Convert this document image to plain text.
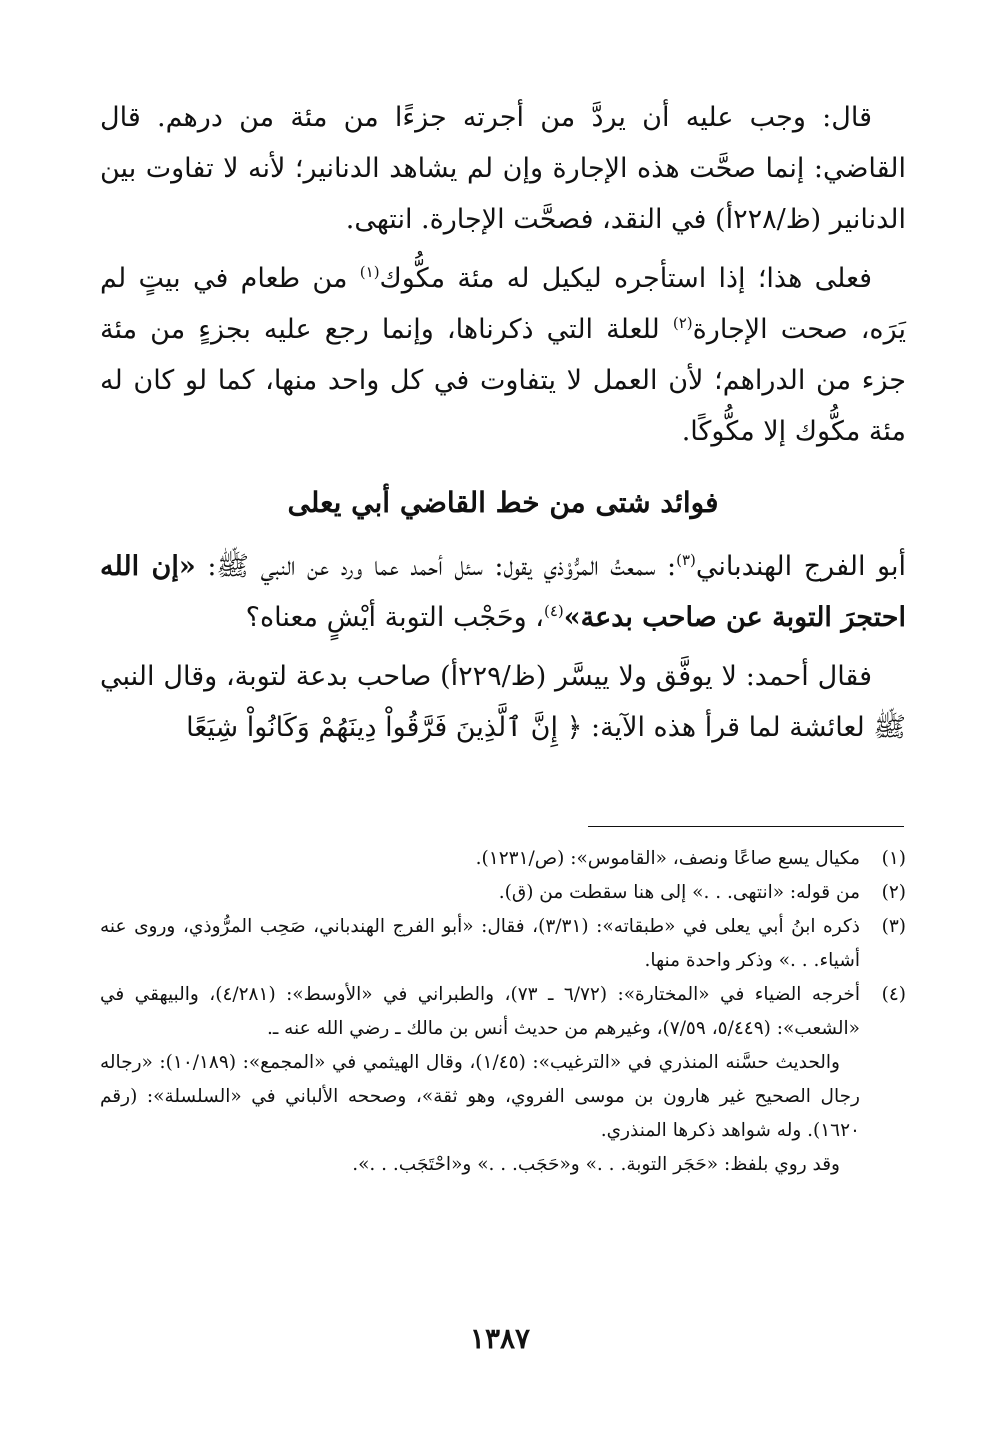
قال: وجب عليه أن يردَّ من أجرته جزءًا من مئة من درهم. قال القاضي: إنما صحَّت هذه الإجارة وإن لم يشاهد الدنانير؛ لأنه لا تفاوت بين الدنانير (ظ/٢٢٨أ) في النقد، فصحَّت الإجارة. انتهى.

فعلى هذا؛ إذا استأجره ليكيل له مئة مكُّوك$^{(١)}$ من طعام في بيتٍ لم يَرَه، صحت الإجارة$^{(٢)}$ للعلة التي ذكرناها، وإنما رجع عليه بجزءٍ من مئة جزء من الدراهم؛ لأن العمل لا يتفاوت في كل واحد منها، كما لو كان له مئة مكُّوك إلا مكُّوكًا.

فوائد شتى من خط القاضي أبي يعلى

أبو الفرج الهندباني$^{(٣)}$: سمعتُ المرُّوْذي يقول: سئل أحمد عما ورد عن النبي ﷺ: «إن الله احتجرَ التوبة عن صاحب بدعة»$^{(٤)}$، وحَجْب التوبة أيْشٍ معناه؟

فقال أحمد: لا يوفَّق ولا ييسَّر (ظ/٢٢٩أ) صاحب بدعة لتوبة، وقال النبي ﷺ لعائشة لما قرأ هذه الآية: ﴿ إِنَّ ٱلَّذِينَ فَرَّقُواْ دِينَهُمْ وَكَانُواْ شِيَعًا

(١)
مكيال يسع صاعًا ونصف، «القاموس»: (ص/١٢٣١).
(٢)
من قوله: «انتهى. . .» إلى هنا سقطت من (ق).
(٣)
ذكره ابنُ أبي يعلى في «طبقاته»: (٣/٣١)، فقال: «أبو الفرج الهندباني، صَحِب المرُّوذي، وروى عنه أشياء. . .» وذكر واحدة منها.
(٤)
أخرجه الضياء في «المختارة»: (٦/٧٢ ـ ٧٣)، والطبراني في «الأوسط»: (٤/٢٨١)، والبيهقي في «الشعب»: (٥/٤٤٩، ٧/٥٩)، وغيرهم من حديث أنس بن مالك ـ رضي الله عنه ـ.

والحديث حسَّنه المنذري في «الترغيب»: (١/٤٥)، وقال الهيثمي في «المجمع»: (١٠/١٨٩): «رجاله رجال الصحيح غير هارون بن موسى الفروي، وهو ثقة»، وصححه الألباني في «السلسلة»: (رقم ١٦٢٠). وله شواهد ذكرها المنذري.

وقد روي بلفظ: «حَجَر التوبة. . .» و«حَجَب. . .» و«احْتَجَب. . .».

١٣٨٧
